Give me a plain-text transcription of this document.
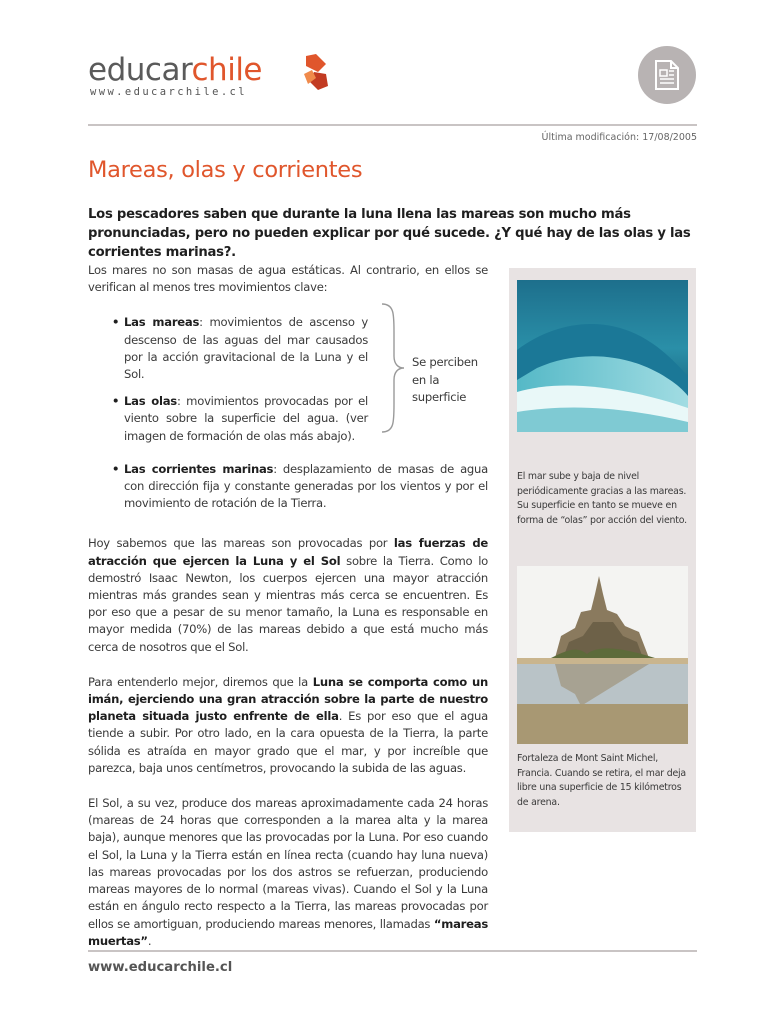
educarchile
www.educarchile.cl
Última modificación: 17/08/2005
Mareas, olas y corrientes
Los pescadores saben que durante la luna llena las mareas son mucho más pronunciadas, pero no pueden explicar por qué sucede. ¿Y qué hay de las olas y las corrientes marinas?.

Los mares no son masas de agua estáticas. Al contrario, en ellos se verifican al menos tres movimientos clave:

• Las mareas: movimientos de ascenso y descenso de las aguas del mar causados por la acción gravitacional de la Luna y el Sol.
• Las olas: movimientos provocadas por el viento sobre la superficie del agua. (ver imagen de formación de olas más abajo).
• Las corrientes marinas: desplazamiento de masas de agua con dirección fija y constante generadas por los vientos y por el movimiento de rotación de la Tierra.
Se perciben en la superficie

Hoy sabemos que las mareas son provocadas por las fuerzas de atracción que ejercen la Luna y el Sol sobre la Tierra. Como lo demostró Isaac Newton, los cuerpos ejercen una mayor atracción mientras más grandes sean y mientras más cerca se encuentren. Es por eso que a pesar de su menor tamaño, la Luna es responsable en mayor medida (70%) de las mareas debido a que está mucho más cerca de nosotros que el Sol.

Para entenderlo mejor, diremos que la Luna se comporta como un imán, ejerciendo una gran atracción sobre la parte de nuestro planeta situada justo enfrente de ella. Es por eso que el agua tiende a subir. Por otro lado, en la cara opuesta de la Tierra, la parte sólida es atraída en mayor grado que el mar, y por increíble que parezca, baja unos centímetros, provocando la subida de las aguas.

El Sol, a su vez, produce dos mareas aproximadamente cada 24 horas (mareas de 24 horas que corresponden a la marea alta y la marea baja), aunque menores que las provocadas por la Luna. Por eso cuando el Sol, la Luna y la Tierra están en línea recta (cuando hay luna nueva) las mareas provocadas por los dos astros se refuerzan, produciendo mareas mayores de lo normal (mareas vivas). Cuando el Sol y la Luna están en ángulo recto respecto a la Tierra, las mareas provocadas por ellos se amortiguan, produciendo mareas menores, llamadas “mareas muertas”.

El mar sube y baja de nivel periódicamente gracias a las mareas. Su superficie en tanto se mueve en forma de “olas” por acción del viento.
Fortaleza de Mont Saint Michel, Francia. Cuando se retira, el mar deja libre una superficie de 15 kilómetros de arena.
www.educarchile.cl
